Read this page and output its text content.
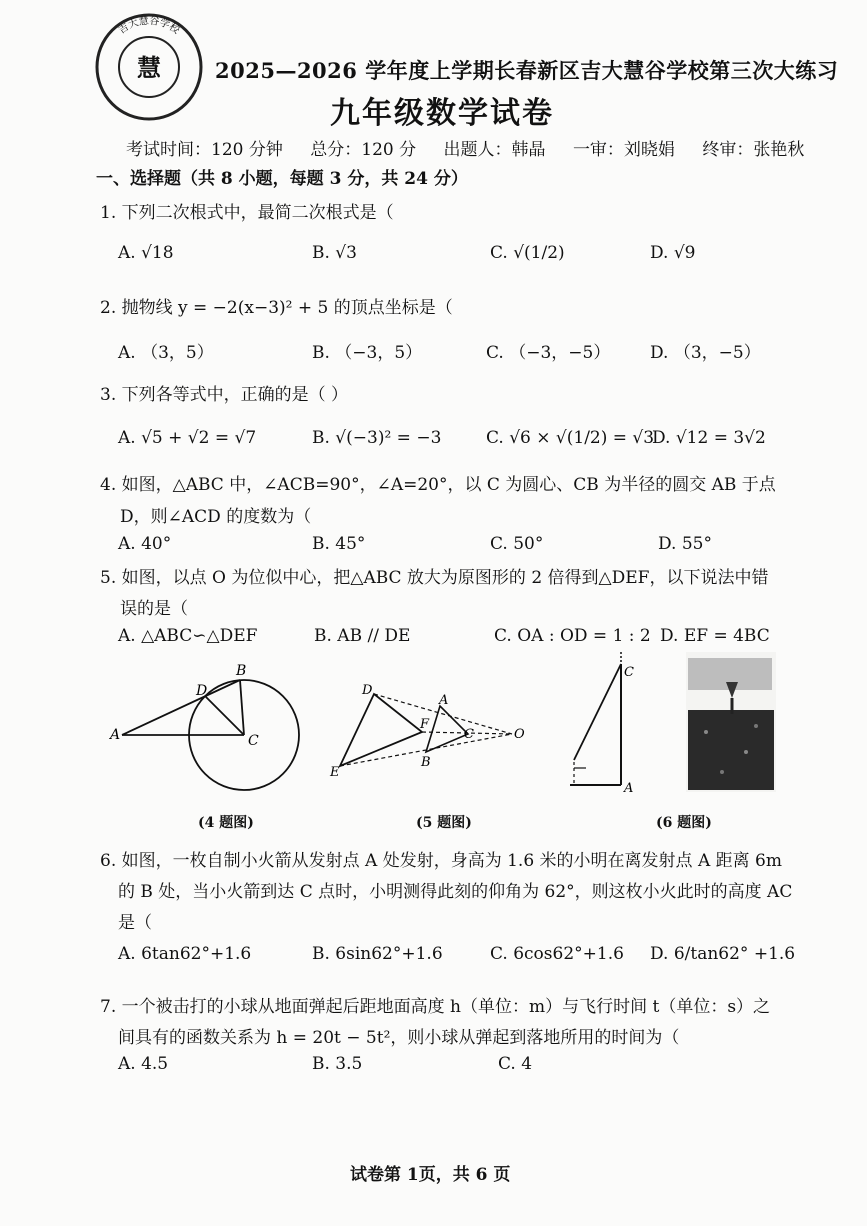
慧
吉大慧谷学校
2025—2026 学年度上学期长春新区吉大慧谷学校第三次大练习
九年级数学试卷
考试时间：120 分钟 总分：120 分 出题人：韩晶 一审：刘晓娟 终审：张艳秋
一、选择题（共 8 小题，每题 3 分，共 24 分）
1. 下列二次根式中，最简二次根式是（
A. √18	B. √3	C. √(1/2)	D. √9
2. 抛物线 y = −2(x−3)² + 5 的顶点坐标是（
A. （3，5）	B. （−3，5）	C. （−3，−5） D. （3，−5）
3. 下列各等式中，正确的是（ ）
A. √5 + √2 = √7	B. √(−3)² = −3	C. √6 × √(1/2) = √3
D. √12 = 3√2
4. 如图，△ABC 中，∠ACB=90°，∠A=20°，以 C 为圆心、CB 为半径的圆交 AB 于点
D，则∠ACD 的度数为（
A. 40°	B. 45°	C. 50°	D. 55°
5. 如图，以点 O 为位似中心，把△ABC 放大为原图形的 2 倍得到△DEF，以下说法中错
误的是（
A. △ABC∽△DEF	B. AB // DE	C. OA : OD = 1 : 2 D. EF = 4BC
A
B
C
D
(4 题图)
D
E
F
A
B
C	O
(5 题图)
C
A
(6 题图)
6. 如图，一枚自制小火箭从发射点 A 处发射，身高为 1.6 米的小明在离发射点 A 距离 6m
的 B 处，当小火箭到达 C 点时，小明测得此刻的仰角为 62°，则这枚小火此时的高度 AC
是（
A. 6tan62°+1.6	B. 6sin62°+1.6	C. 6cos62°+1.6 D. 6/tan62° +1.6
7. 一个被击打的小球从地面弹起后距地面高度 h（单位：m）与飞行时间 t（单位：s）之
间具有的函数关系为 h = 20t − 5t²，则小球从弹起到落地所用的时间为（
A. 4.5	B. 3.5	C. 4
试卷第 1页，共 6 页
